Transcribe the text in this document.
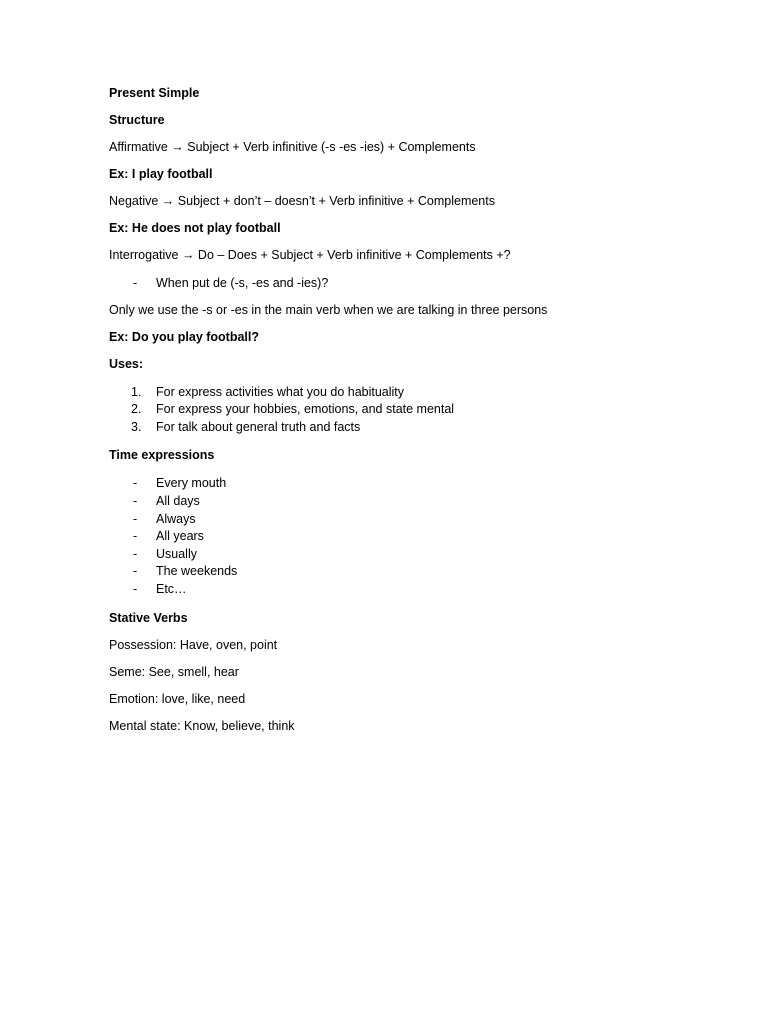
Present Simple

Structure

Affirmative → Subject + Verb infinitive (-s -es -ies) + Complements

Ex: I play football

Negative → Subject + don’t – doesn’t + Verb infinitive + Complements

Ex: He does not play football

Interrogative → Do – Does + Subject + Verb infinitive + Complements +?

- When put de (-s, -es and -ies)?

Only we use the -s or -es in the main verb when we are talking in three persons

Ex: Do you play football?

Uses:

1. For express activities what you do habituality
2. For express your hobbies, emotions, and state mental
3. For talk about general truth and facts

Time expressions

- Every mouth
- All days
- Always
- All years
- Usually
- The weekends
- Etc…

Stative Verbs

Possession: Have, oven, point

Seme: See, smell, hear

Emotion: love, like, need

Mental state: Know, believe, think
